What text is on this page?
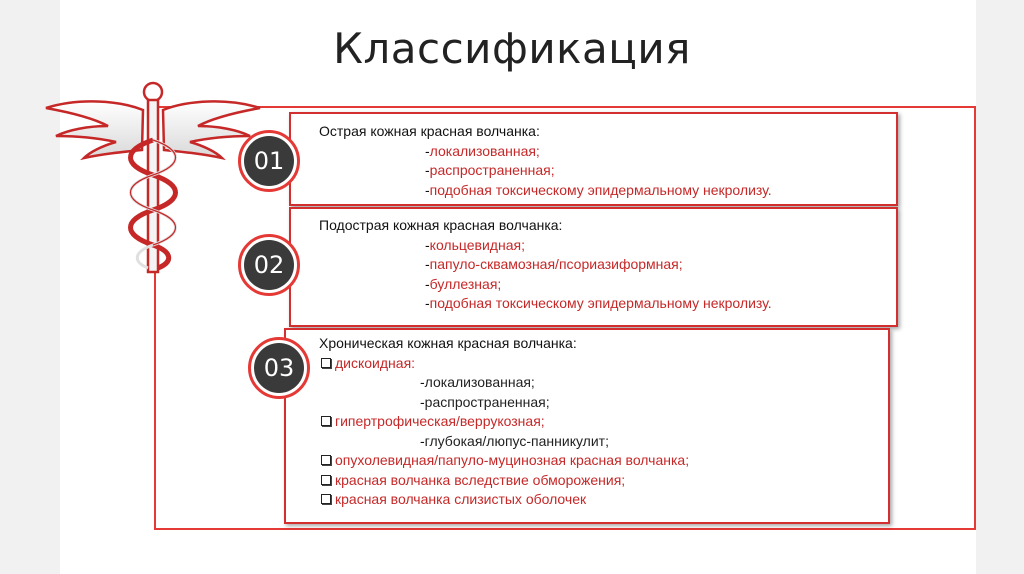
Классификация
Острая кожная красная волчанка:
-локализованная;
-распространенная;
-подобная токсическому эпидермальному некролизу.
Подострая кожная красная волчанка:
-кольцевидная;
-папуло-сквамозная/псориазиформная;
-буллезная;
-подобная токсическому эпидермальному некролизу.
Хроническая кожная красная волчанка:
дискоидная:
-локализованная;
-распространенная;
гипертрофическая/веррукозная;
-глубокая/люпус-панникулит;
опухолевидная/папуло-муцинозная красная волчанка;
красная волчанка вследствие обморожения;
красная волчанка слизистых оболочек
01
02
03
